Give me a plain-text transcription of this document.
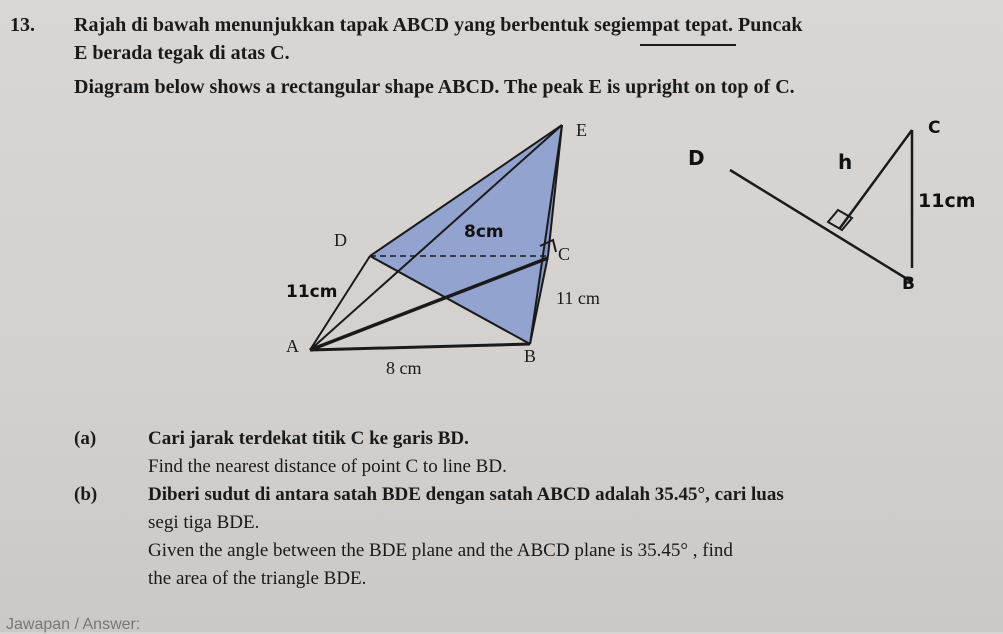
13. Rajah di bawah menunjukkan tapak ABCD yang berbentuk segiempat tepat. Puncak
E berada tegak di atas C.
Diagram below shows a rectangular shape ABCD. The peak E is upright on top of C.
E
D
C
A	B
8 cm
11 cm
8cm
11cm
C
D	h
11cm
B
(a)	Cari jarak terdekat titik C ke garis BD.
Find the nearest distance of point C to line BD.
(b)	Diberi sudut di antara satah BDE dengan satah ABCD adalah 35.45°, cari luas
segi tiga BDE.
Given the angle between the BDE plane and the ABCD plane is 35.45° , find
the area of the triangle BDE.
Jawapan / Answer:
